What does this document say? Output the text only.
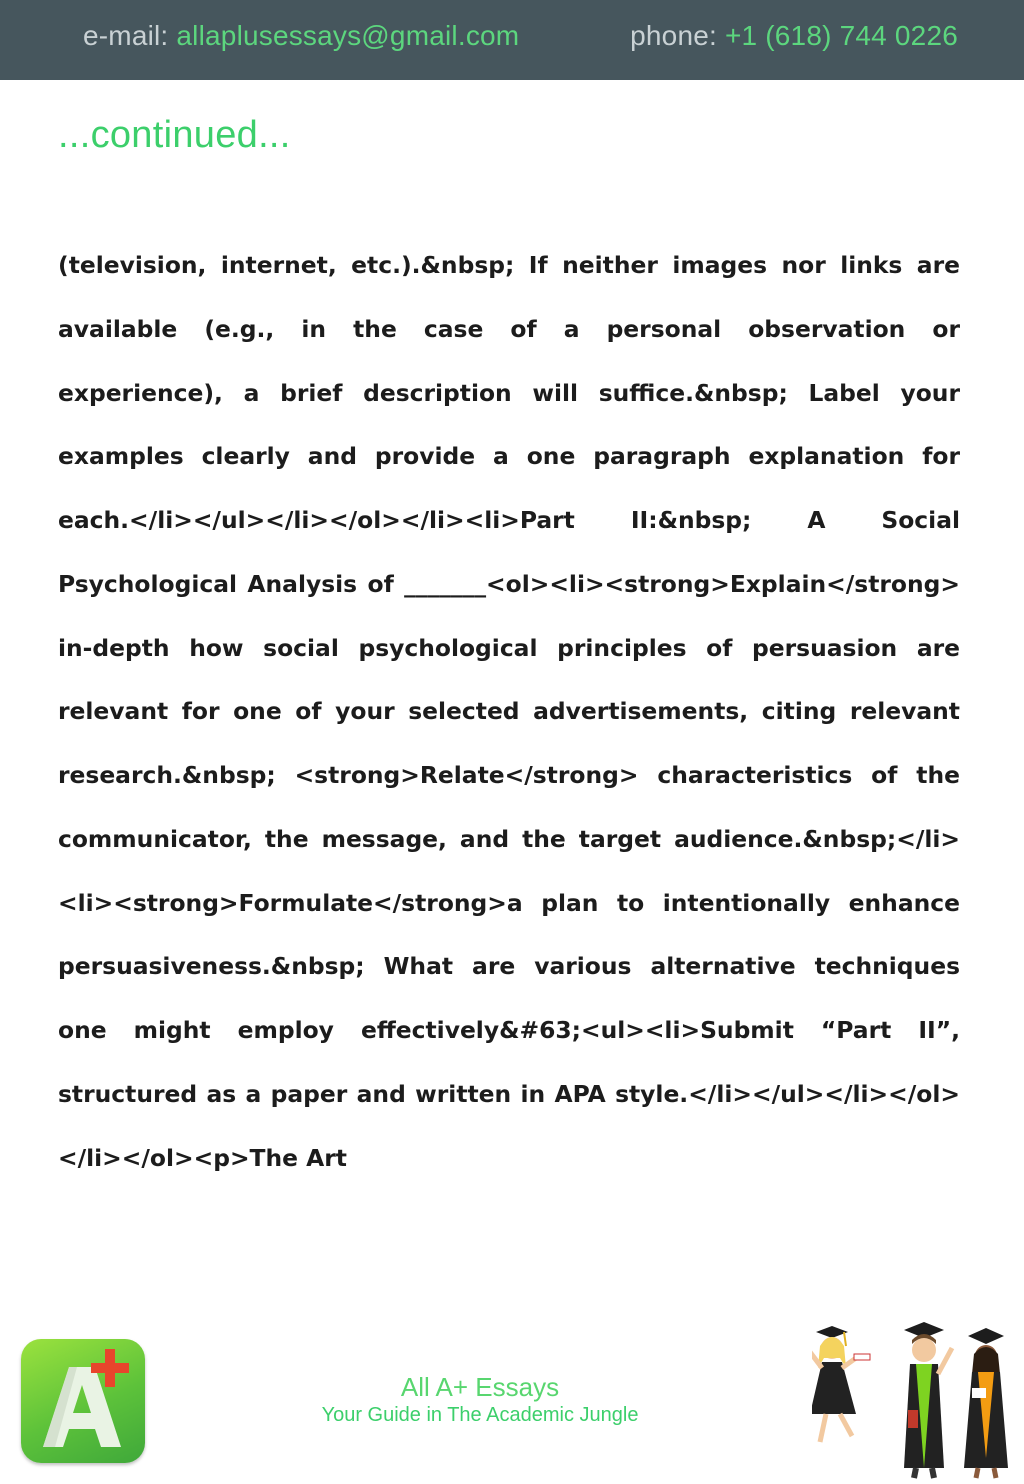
e-mail: allaplusessays@gmail.com	phone: +1 (618) 744 0226
...continued...

(television, internet, etc.).&nbsp; If neither images nor links are available (e.g., in the case of a personal observation or experience), a brief description will suffice.&nbsp; Label your examples clearly and provide a one paragraph explanation for each.</li></ul></li></ol></li><li>Part II:&nbsp; A Social Psychological Analysis of _______<ol><li><strong>Explain</strong> in-depth how social psychological principles of persuasion are relevant for one of your selected advertisements, citing relevant research.&nbsp; <strong>Relate</strong> characteristics of the communicator, the message, and the target audience.&nbsp;</li><li><strong>Formulate</strong>a plan to intentionally enhance persuasiveness.&nbsp; What are various alternative techniques one might employ effectively&#63;<ul><li>Submit “Part II”, structured as a paper and written in APA style.</li></ul></li></ol></li></ol><p>The Art

All A+ Essays
Your Guide in The Academic Jungle
